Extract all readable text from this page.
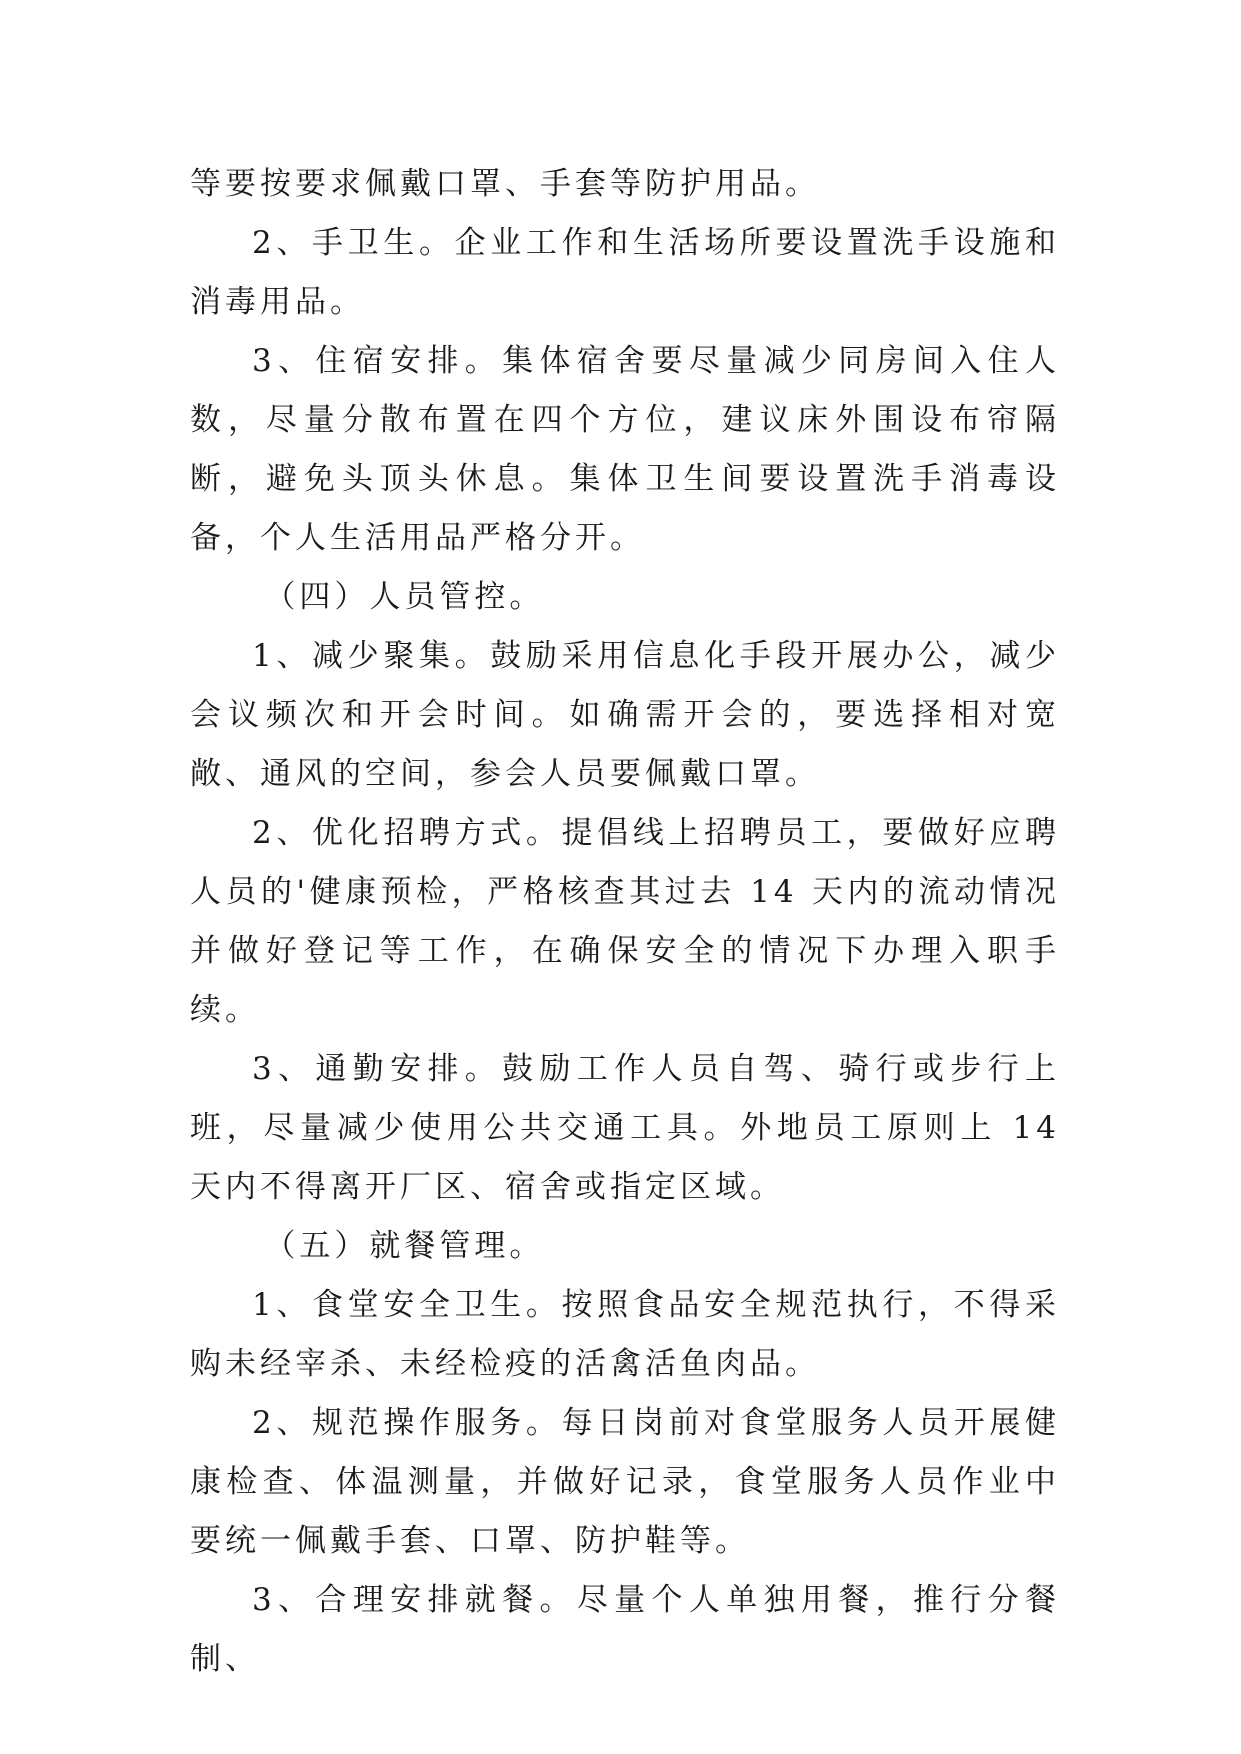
等要按要求佩戴口罩、手套等防护用品。

2、手卫生。企业工作和生活场所要设置洗手设施和消毒用品。

3、住宿安排。集体宿舍要尽量减少同房间入住人数，尽量分散布置在四个方位，建议床外围设布帘隔断，避免头顶头休息。集体卫生间要设置洗手消毒设备，个人生活用品严格分开。

（四）人员管控。

1、减少聚集。鼓励采用信息化手段开展办公，减少会议频次和开会时间。如确需开会的，要选择相对宽敞、通风的空间，参会人员要佩戴口罩。

2、优化招聘方式。提倡线上招聘员工，要做好应聘人员的'健康预检，严格核查其过去 14 天内的流动情况并做好登记等工作，在确保安全的情况下办理入职手续。

3、通勤安排。鼓励工作人员自驾、骑行或步行上班，尽量减少使用公共交通工具。外地员工原则上 14 天内不得离开厂区、宿舍或指定区域。

（五）就餐管理。

1、食堂安全卫生。按照食品安全规范执行，不得采购未经宰杀、未经检疫的活禽活鱼肉品。

2、规范操作服务。每日岗前对食堂服务人员开展健康检查、体温测量，并做好记录，食堂服务人员作业中要统一佩戴手套、口罩、防护鞋等。

3、合理安排就餐。尽量个人单独用餐，推行分餐制、
